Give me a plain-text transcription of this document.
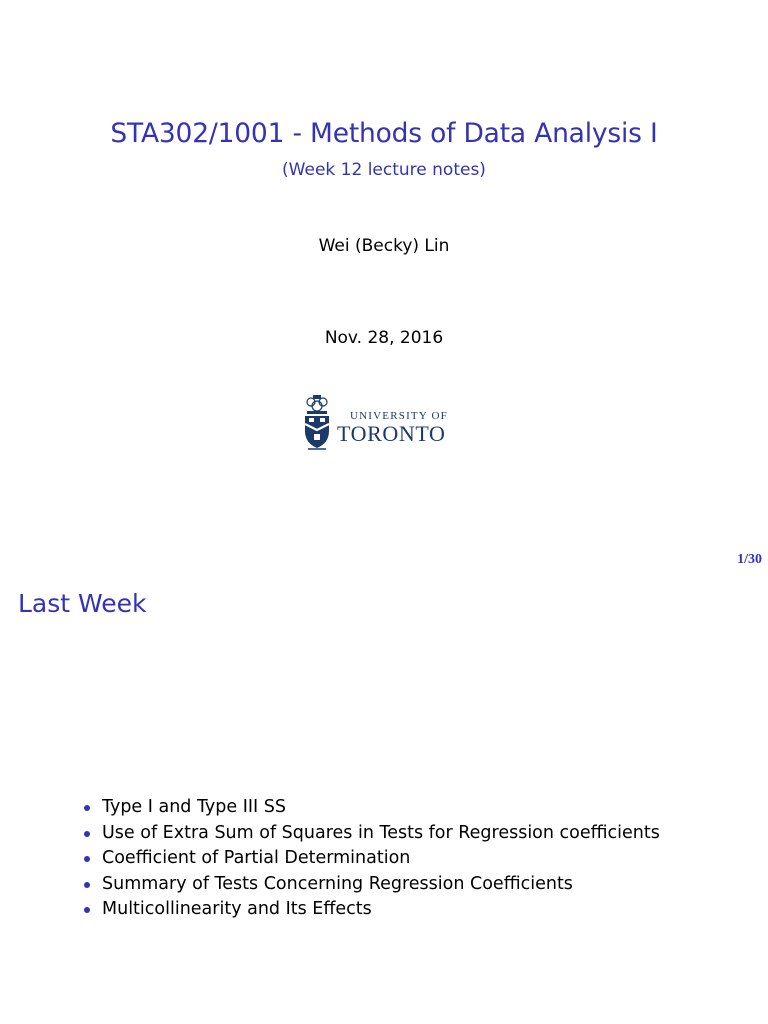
STA302/1001 - Methods of Data Analysis I
(Week 12 lecture notes)
Wei (Becky) Lin
Nov. 28, 2016
UNIVERSITY OF
TORONTO
1/30
Last Week
Type I and Type III SS
Use of Extra Sum of Squares in Tests for Regression coefficients
Coefficient of Partial Determination
Summary of Tests Concerning Regression Coefficients
Multicollinearity and Its Effects
